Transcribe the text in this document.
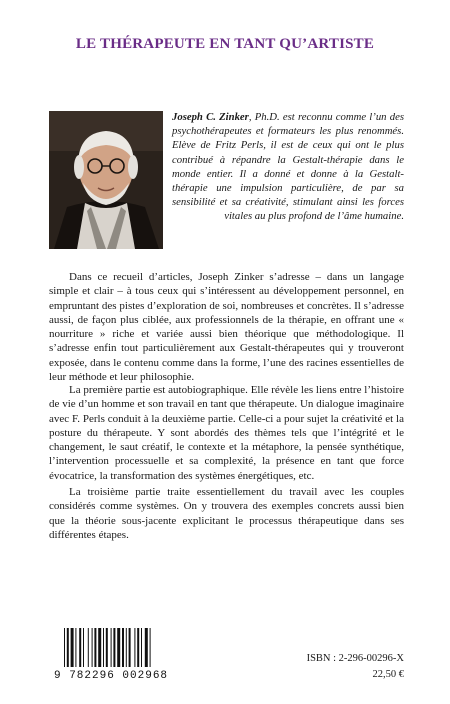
LE THÉRAPEUTE EN TANT QU’ARTISTE
Joseph C. Zinker, Ph.D. est reconnu comme l’un des psychothérapeutes et formateurs les plus renommés. Elève de Fritz Perls, il est de ceux qui ont le plus contribué à répandre la Gestalt-thérapie dans le monde entier. Il a donné et donne à la Gestalt-thérapie une impulsion particulière, de par sa sensibilité et sa créativité, stimulant ainsi les forces vitales au plus profond de l’âme humaine.

Dans ce recueil d’articles, Joseph Zinker s’adresse – dans un langage simple et clair – à tous ceux qui s’intéressent au développement personnel, en empruntant des pistes d’exploration de soi, nombreuses et concrètes. Il s’adresse aussi, de façon plus ciblée, aux professionnels de la thérapie, en offrant une « nourriture » riche et variée aussi bien théorique que méthodologique. Il s’adresse enfin tout particulièrement aux Gestalt-thérapeutes qui y trouveront exposée, dans le contenu comme dans la forme, l’une des racines essentielles de leur méthode et leur philosophie.

La première partie est autobiographique. Elle révèle les liens entre l’histoire de vie d’un homme et son travail en tant que thérapeute. Un dialogue imaginaire avec F. Perls conduit à la deuxième partie. Celle-ci a pour sujet la créativité et la posture du thérapeute. Y sont abordés des thèmes tels que l’intégrité et le changement, le saut créatif, le contexte et la métaphore, la pensée synthétique, l’intervention processuelle et sa complexité, la présence en tant que force évocatrice, la transformation des systèmes énergétiques, etc.

La troisième partie traite essentiellement du travail avec les couples considérés comme systèmes. On y trouvera des exemples concrets aussi bien que la théorie sous-jacente explicitant le processus thérapeutique dans ses différentes étapes.

9 782296 002968
ISBN : 2-296-00296-X
22,50 €
